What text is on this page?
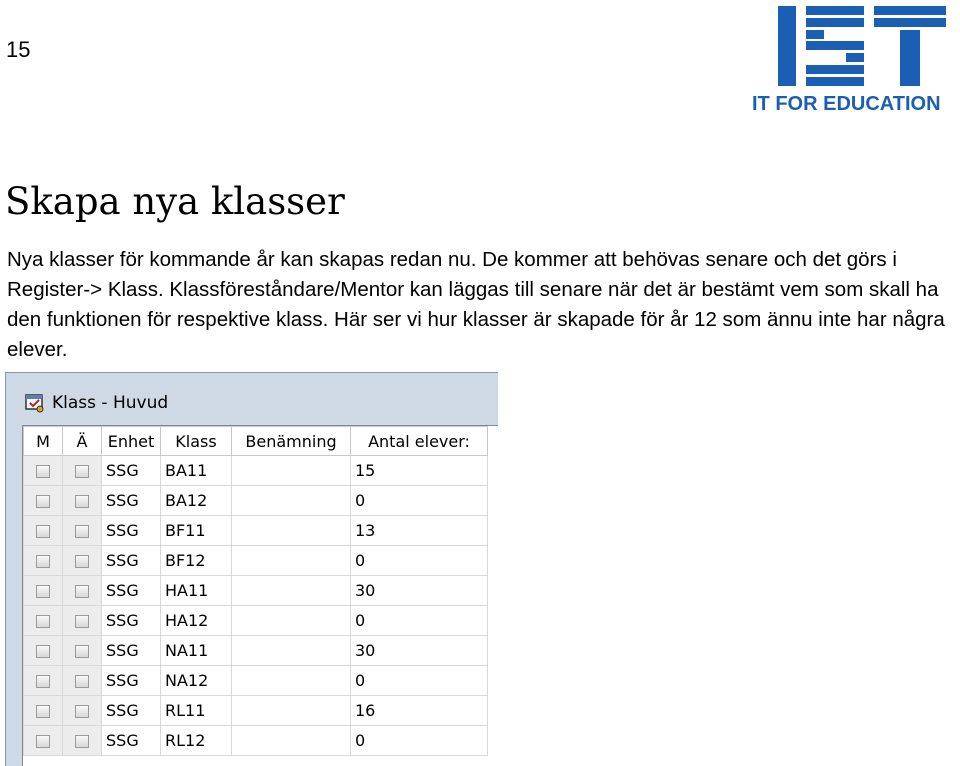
15
IT FOR EDUCATION
Skapa nya klasser

Nya klasser för kommande år kan skapas redan nu. De kommer att behövas senare och det görs i Register-> Klass. Klassföreståndare/Mentor kan läggas till senare när det är bestämt vem som skall ha den funktionen för respektive klass. Här ser vi hur klasser är skapade för år 12 som ännu inte har några elever.

Klass - Huvud
M	Ä	Enhet	Klass	Benämning	Antal elever:
		SSG	BA11		15
		SSG	BA12		0
		SSG	BF11		13
		SSG	BF12		0
		SSG	HA11		30
		SSG	HA12		0
		SSG	NA11		30
		SSG	NA12		0
		SSG	RL11		16
		SSG	RL12		0
